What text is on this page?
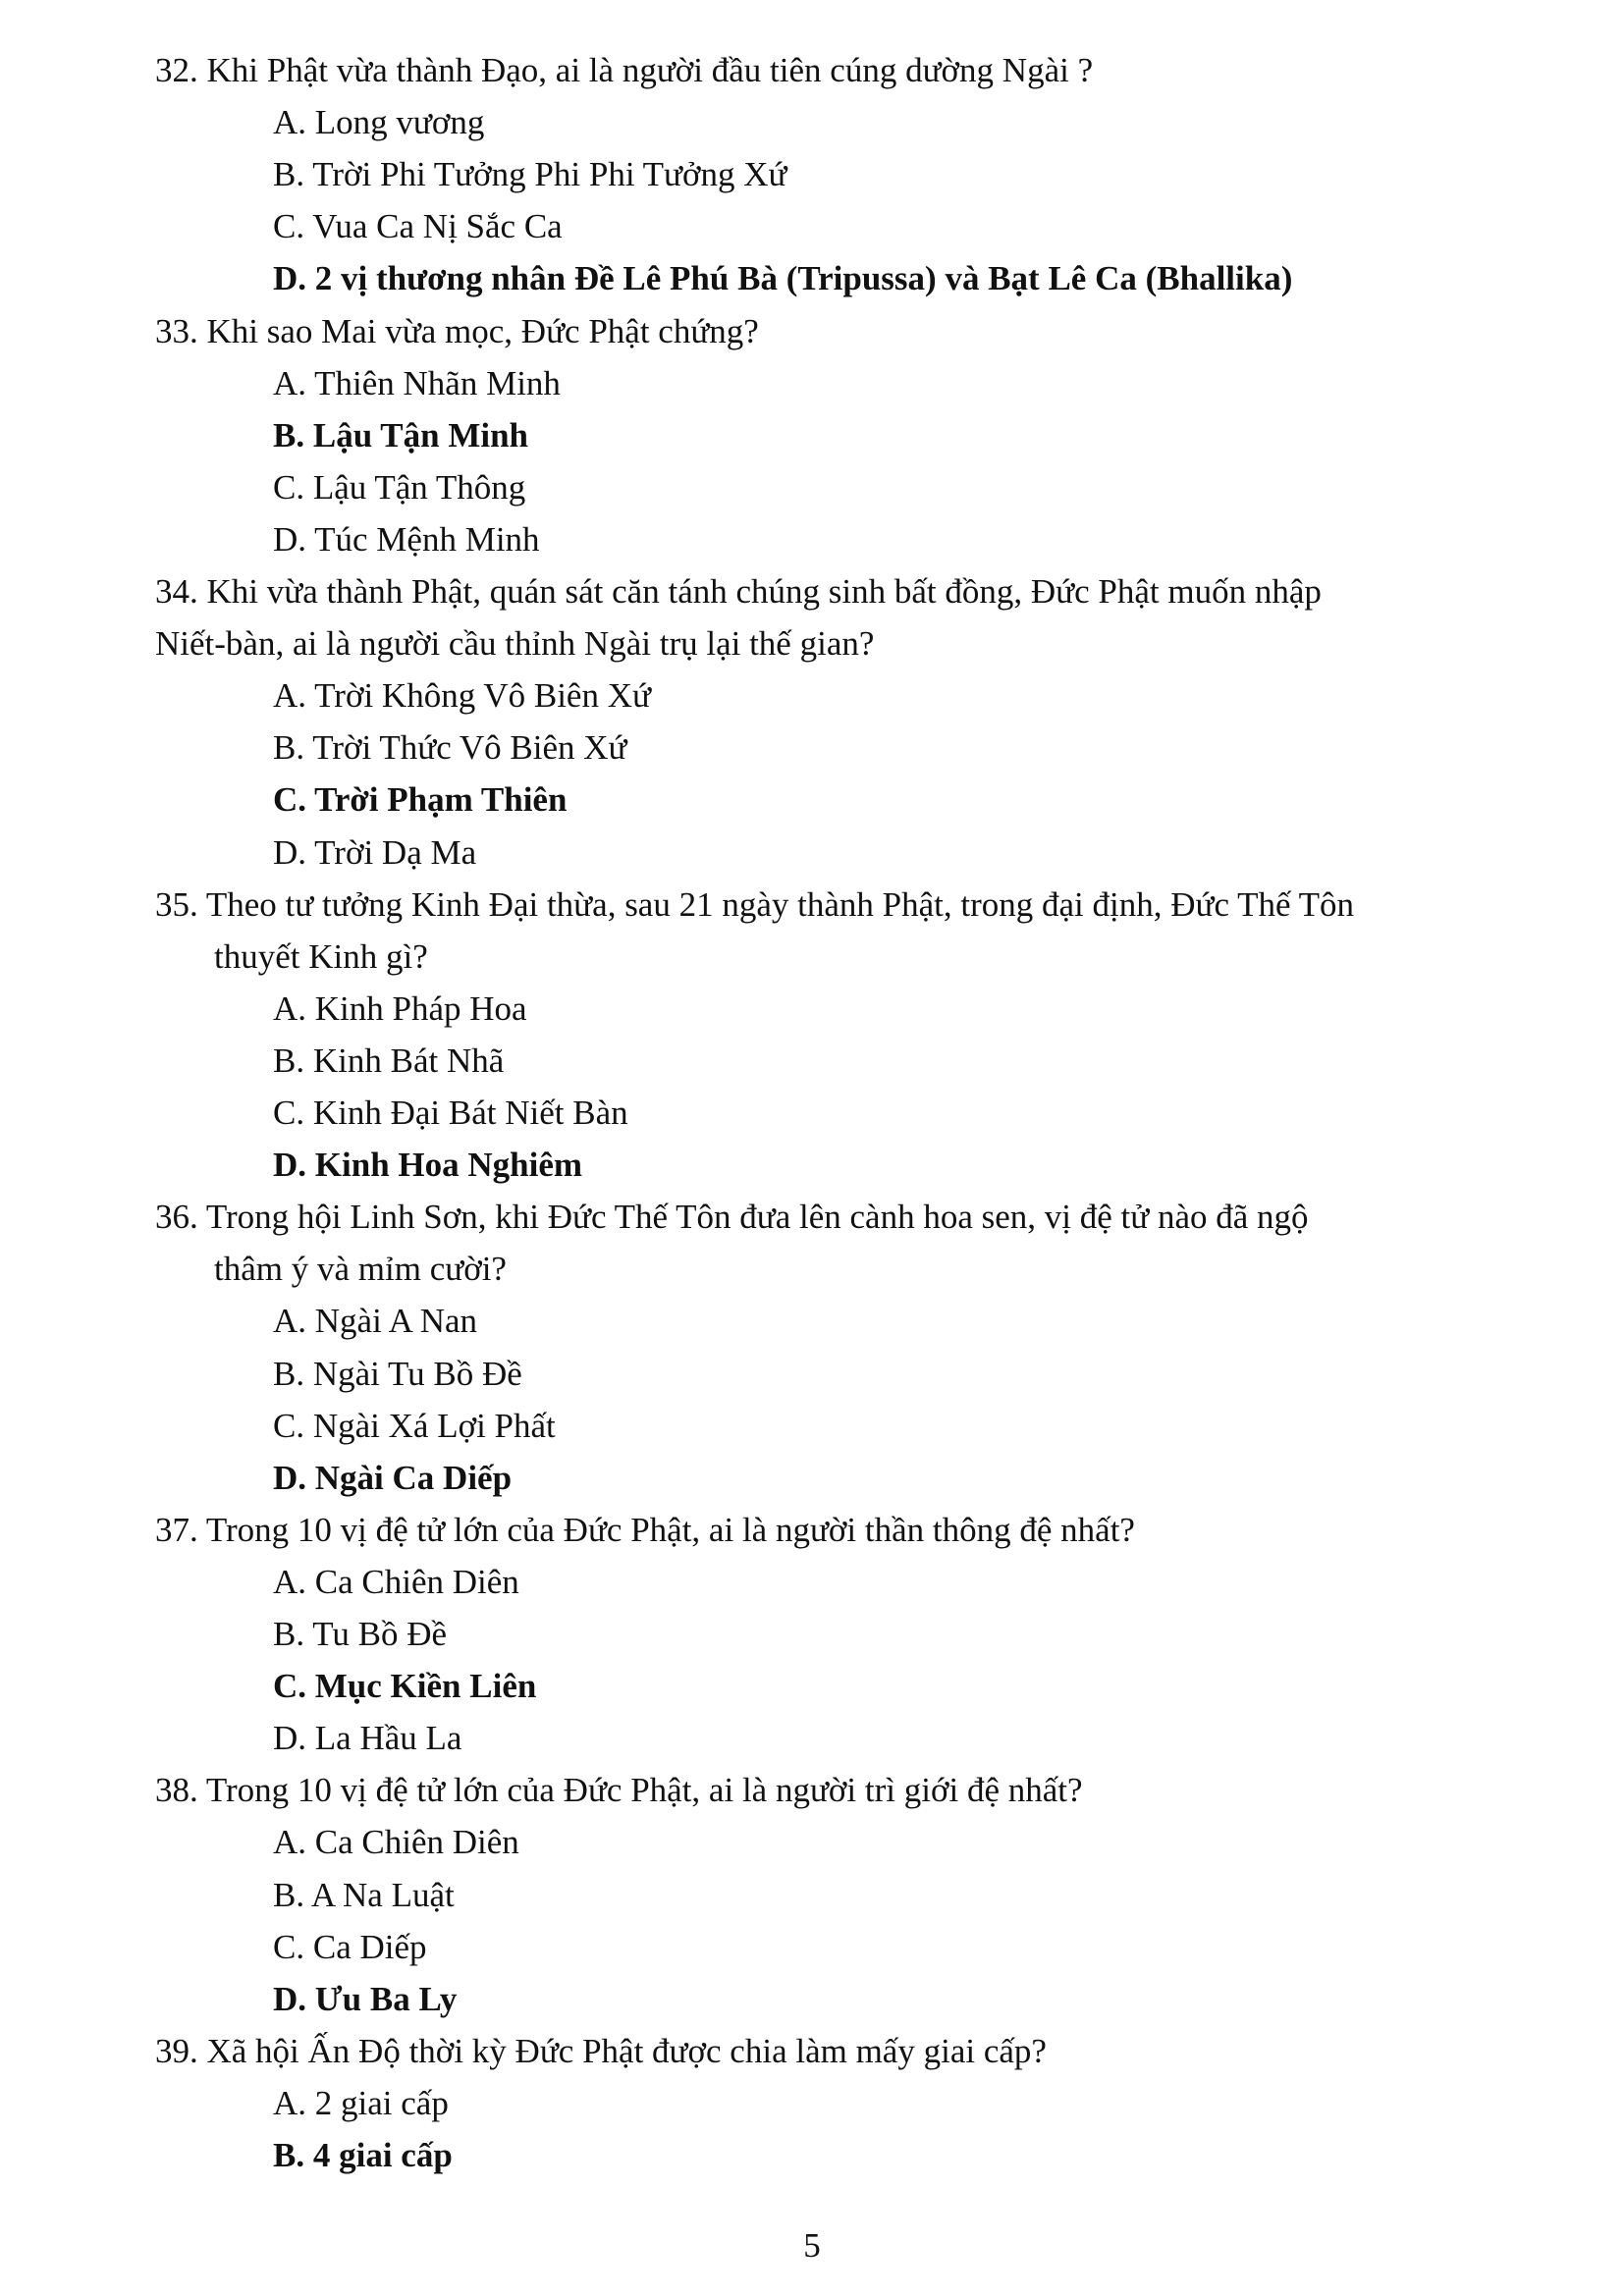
32. Khi Phật vừa thành Đạo, ai là người đầu tiên cúng dường Ngài ?
A. Long vương
B. Trời Phi Tưởng Phi Phi Tưởng Xứ
C. Vua Ca Nị Sắc Ca
D. 2 vị thương nhân Đề Lê Phú Bà (Tripussa) và Bạt Lê Ca (Bhallika)
33. Khi sao Mai vừa mọc, Đức Phật chứng?
A. Thiên Nhãn Minh
B. Lậu Tận Minh
C. Lậu Tận Thông
D. Túc Mệnh Minh
34. Khi vừa thành Phật, quán sát căn tánh chúng sinh bất đồng, Đức Phật muốn nhập
Niết-bàn, ai là người cầu thỉnh Ngài trụ lại thế gian?
A. Trời Không Vô Biên Xứ
B. Trời Thức Vô Biên Xứ
C. Trời Phạm Thiên
D. Trời Dạ Ma
35. Theo tư tưởng Kinh Đại thừa, sau 21 ngày thành Phật, trong đại định, Đức Thế Tôn
thuyết Kinh gì?
A. Kinh Pháp Hoa
B. Kinh Bát Nhã
C. Kinh Đại Bát Niết Bàn
D. Kinh Hoa Nghiêm
36. Trong hội Linh Sơn, khi Đức Thế Tôn đưa lên cành hoa sen, vị đệ tử nào đã ngộ
thâm ý và mỉm cười?
A. Ngài A Nan
B. Ngài Tu Bồ Đề
C. Ngài Xá Lợi Phất
D. Ngài Ca Diếp
37. Trong 10 vị đệ tử lớn của Đức Phật, ai là người thần thông đệ nhất?
A. Ca Chiên Diên
B. Tu Bồ Đề
C. Mục Kiền Liên
D. La Hầu La
38. Trong 10 vị đệ tử lớn của Đức Phật, ai là người trì giới đệ nhất?
A. Ca Chiên Diên
B. A Na Luật
C. Ca Diếp
D. Ưu Ba Ly
39. Xã hội Ấn Độ thời kỳ Đức Phật được chia làm mấy giai cấp?
A. 2 giai cấp
B. 4 giai cấp
5
